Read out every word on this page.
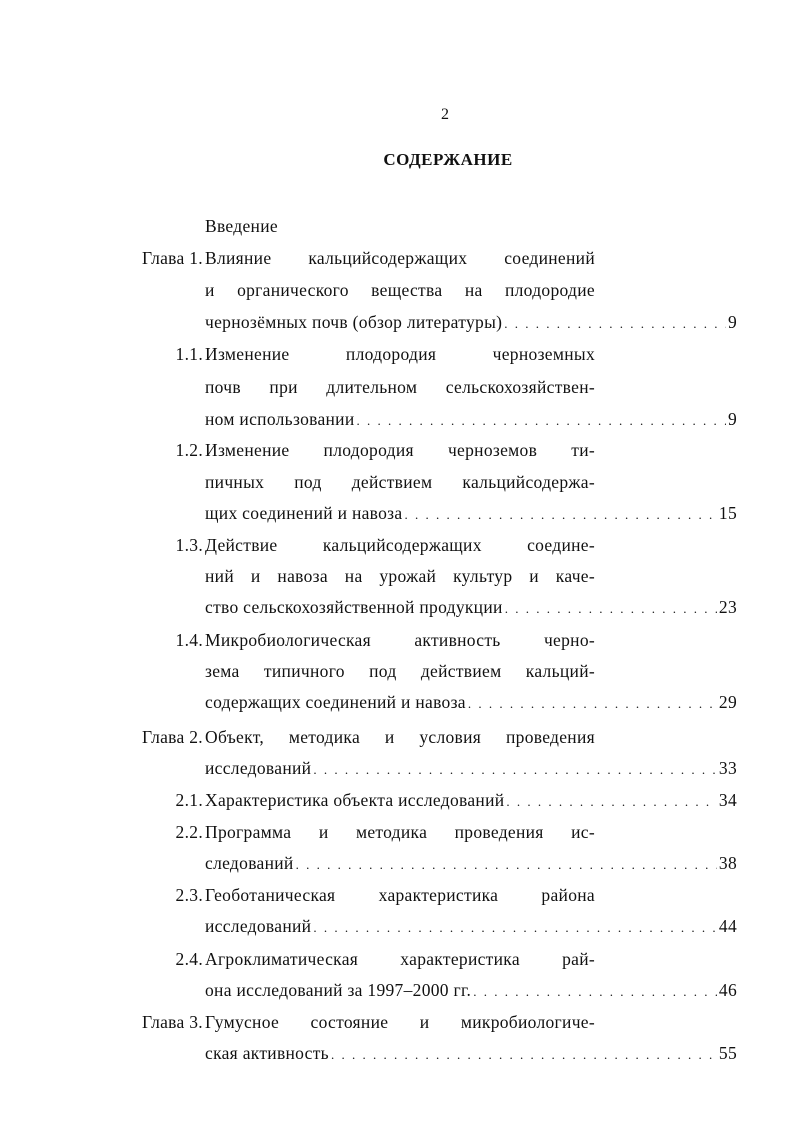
2
СОДЕРЖАНИЕ
Введение
Глава 1. Влияние кальцийсодержащих соединений
и органического вещества на плодородие
чернозёмных почв (обзор литературы) . . .	9
1.1. Изменение плодородия черноземных
почв при длительном сельскохозяйствен-
ном использовании . . .	9
1.2. Изменение плодородия черноземов ти-
пичных под действием кальцийсодержа-
щих соединений и навоза . . .	15
1.3. Действие кальцийсодержащих соедине-
ний и навоза на урожай культур и каче-
ство сельскохозяйственной продукции . . .	23
1.4. Микробиологическая активность черно-
зема типичного под действием кальций-
содержащих соединений и навоза . . .	29
Глава 2. Объект, методика и условия проведения
исследований . . .	33
2.1. Характеристика объекта исследований . . .	34
2.2. Программа и методика проведения ис-
следований . . .	38
2.3. Геоботаническая характеристика района
исследований . . .	44
2.4. Агроклиматическая характеристика рай-
она исследований за 1997–2000 гг. . . .	46
Глава 3. Гумусное состояние и микробиологиче-
ская активность . . .	55
